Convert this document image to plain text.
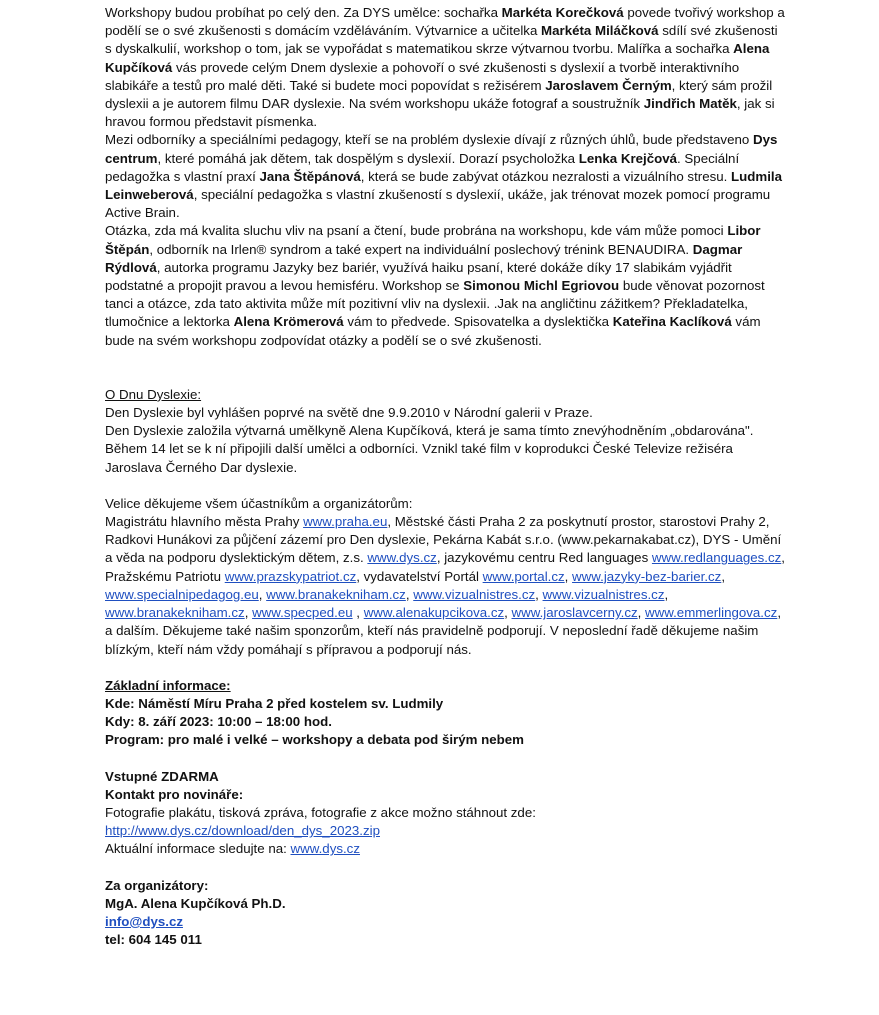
Workshopy budou probíhat po celý den. Za DYS umělce: sochařka Markéta Korečková povede tvořivý workshop a podělí se o své zkušenosti s domácím vzděláváním. Výtvarnice a učitelka Markéta Miláčková sdílí své zkušenosti s dyskalkulií, workshop o tom, jak se vypořádat s matematikou skrze výtvarnou tvorbu. Malířka a sochařka Alena Kupčíková vás provede celým Dnem dyslexie a pohovoří o své zkušenosti s dyslexií a tvorbě interaktivního slabikáře a testů pro malé děti. Také si budete moci popovídat s režisérem Jaroslavem Černým, který sám prožil dyslexii a je autorem filmu DAR dyslexie. Na svém workshopu ukáže fotograf a soustružník Jindřich Matěk, jak si hravou formou představit písmenka.

Mezi odborníky a speciálními pedagogy, kteří se na problém dyslexie dívají z různých úhlů, bude představeno Dys centrum, které pomáhá jak dětem, tak dospělým s dyslexií. Dorazí psycholožka Lenka Krejčová. Speciální pedagožka s vlastní praxí Jana Štěpánová, která se bude zabývat otázkou nezralosti a vizuálního stresu. Ludmila Leinweberová, speciální pedagožka s vlastní zkušeností s dyslexií, ukáže, jak trénovat mozek pomocí programu Active Brain.

Otázka, zda má kvalita sluchu vliv na psaní a čtení, bude probrána na workshopu, kde vám může pomoci Libor Štěpán, odborník na Irlen® syndrom a také expert na individuální poslechový trénink BENAUDIRA. Dagmar Rýdlová, autorka programu Jazyky bez bariér, využívá haiku psaní, které dokáže díky 17 slabikám vyjádřit podstatné a propojit pravou a levou hemisféru. Workshop se Simonou Michl Egriovou bude věnovat pozornost tanci a otázce, zda tato aktivita může mít pozitivní vliv na dyslexii. .Jak na angličtinu zážitkem? Překladatelka, tlumočnice a lektorka Alena Krömerová vám to předvede. Spisovatelka a dyslektička Kateřina Kaclíková vám bude na svém workshopu zodpovídat otázky a podělí se o své zkušenosti.

O Dnu Dyslexie:

Den Dyslexie byl vyhlášen poprvé na světě dne 9.9.2010 v Národní galerii v Praze.

Den Dyslexie založila výtvarná umělkyně Alena Kupčíková, která je sama tímto znevýhodněním „obdarována". Během 14 let se k ní připojili další umělci a odborníci. Vznikl také film v koprodukci České Televize režiséra Jaroslava Černého Dar dyslexie.

Velice děkujeme všem účastníkům a organizátorům:

Magistrátu hlavního města Prahy www.praha.eu, Městské části Praha 2 za poskytnutí prostor, starostovi Prahy 2, Radkovi Hunákovi za půjčení zázemí pro Den dyslexie, Pekárna Kabát s.r.o. (www.pekarnakabat.cz), DYS - Umění a věda na podporu dyslektickým dětem, z.s. www.dys.cz, jazykovému centru Red languages www.redlanguages.cz, Pražskému Patriotu www.prazskypatriot.cz, vydavatelství Portál www.portal.cz, www.jazyky-bez-barier.cz, www.specialnipedagog.eu, www.branakekniham.cz, www.vizualnistres.cz, www.vizualnistres.cz, www.branakekniham.cz, www.specped.eu , www.alenakupcikova.cz, www.jaroslavcerny.cz, www.emmerlingova.cz, a dalším. Děkujeme také našim sponzorům, kteří nás pravidelně podporují. V neposlední řadě děkujeme našim blízkým, kteří nám vždy pomáhají s přípravou a podporují nás.

Základní informace:

Kde: Náměstí Míru Praha 2 před kostelem sv. Ludmily

Kdy: 8. září 2023: 10:00 – 18:00 hod.

Program: pro malé i velké – workshopy a debata pod širým nebem

Vstupné ZDARMA

Kontakt pro novináře:

Fotografie plakátu, tisková zpráva, fotografie z akce možno stáhnout zde:

http://www.dys.cz/download/den_dys_2023.zip

Aktuální informace sledujte na: www.dys.cz

Za organizátory:

MgA. Alena Kupčíková Ph.D.

info@dys.cz

tel: 604 145 011
